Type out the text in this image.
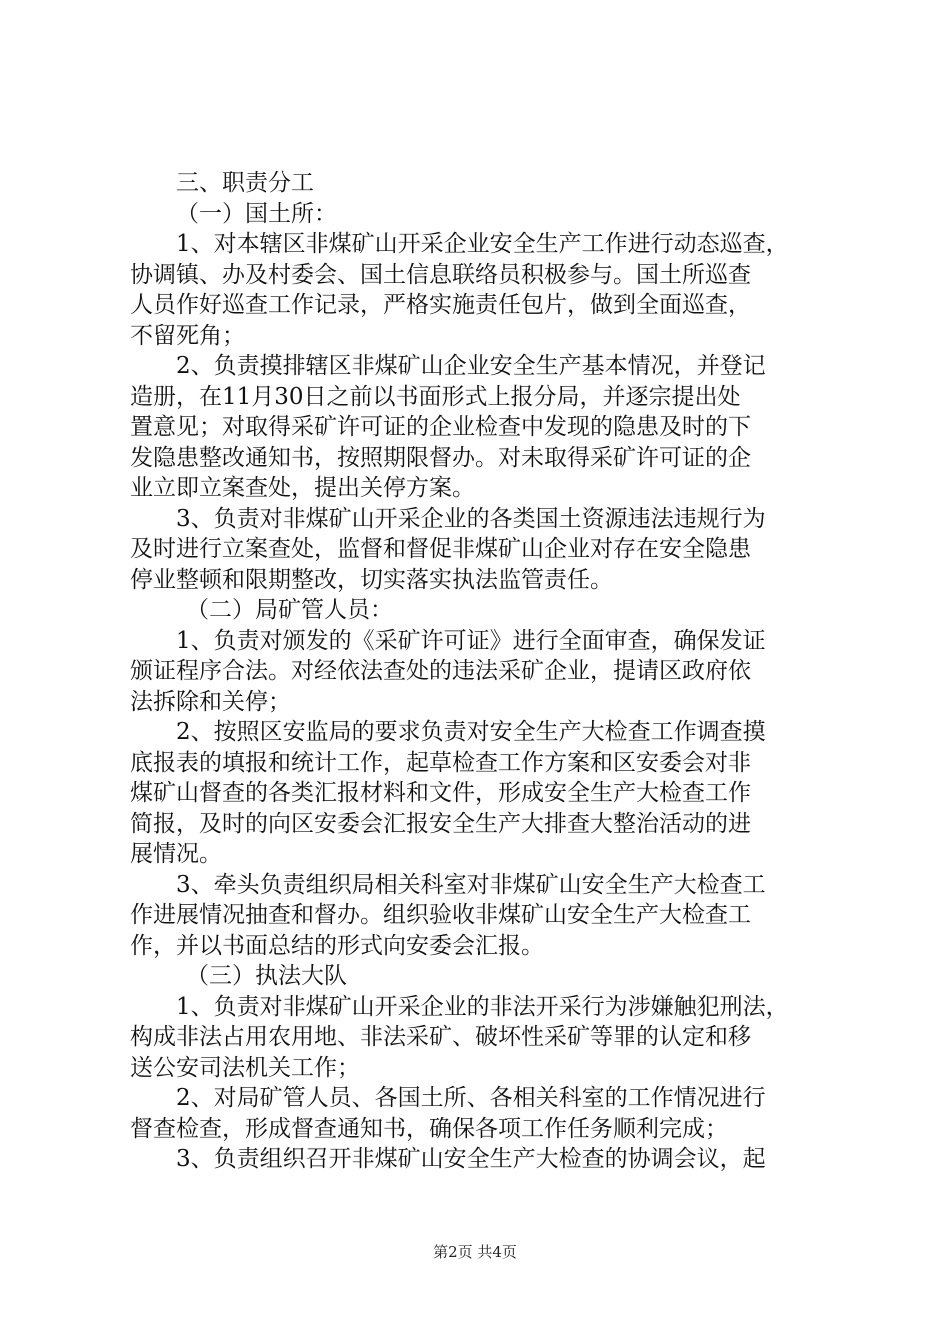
三、职责分工
（一）国土所：
1、对本辖区非煤矿山开采企业安全生产工作进行动态巡查，
协调镇、办及村委会、国土信息联络员积极参与。国土所巡查
人员作好巡查工作记录，严格实施责任包片，做到全面巡查，
不留死角；
2、负责摸排辖区非煤矿山企业安全生产基本情况，并登记
造册，在11月30日之前以书面形式上报分局，并逐宗提出处
置意见；对取得采矿许可证的企业检查中发现的隐患及时的下
发隐患整改通知书，按照期限督办。对未取得采矿许可证的企
业立即立案查处，提出关停方案。
3、负责对非煤矿山开采企业的各类国土资源违法违规行为
及时进行立案查处，监督和督促非煤矿山企业对存在安全隐患
停业整顿和限期整改，切实落实执法监管责任。
（二）局矿管人员：
1、负责对颁发的《采矿许可证》进行全面审查，确保发证
颁证程序合法。对经依法查处的违法采矿企业，提请区政府依
法拆除和关停；
2、按照区安监局的要求负责对安全生产大检查工作调查摸
底报表的填报和统计工作，起草检查工作方案和区安委会对非
煤矿山督查的各类汇报材料和文件，形成安全生产大检查工作
简报，及时的向区安委会汇报安全生产大排查大整治活动的进
展情况。
3、牵头负责组织局相关科室对非煤矿山安全生产大检查工
作进展情况抽查和督办。组织验收非煤矿山安全生产大检查工
作，并以书面总结的形式向安委会汇报。
（三）执法大队
1、负责对非煤矿山开采企业的非法开采行为涉嫌触犯刑法，
构成非法占用农用地、非法采矿、破坏性采矿等罪的认定和移
送公安司法机关工作；
2、对局矿管人员、各国土所、各相关科室的工作情况进行
督查检查，形成督查通知书，确保各项工作任务顺利完成；
3、负责组织召开非煤矿山安全生产大检查的协调会议，起
第2页 共4页
